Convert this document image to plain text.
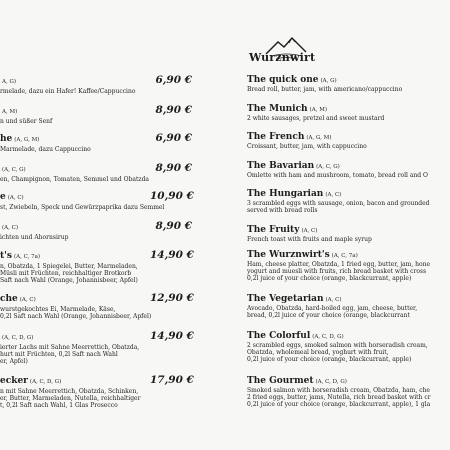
A, G)	6,90 €
rmelade, dazu ein Hafer! Kaffee/Cappuccino
A, M)	8,90 €
n und süßer Senf
he (A, G, M)	6,90 €
Marmelade, dazu Cappuccino
(A, C, G)	8,90 €
en, Champignon, Tomaten, Semmel und Obatzda
e (A, C)	10,90 €
st, Zwiebeln, Speck und Gewürzpaprika dazu Semmel
(A, C)	8,90 €
ichten und Ahornsirup
t's (A, C, 7a)	14,90 €
n, Obatzda, 1 Spiegelei, Butter, Marmeladen,
Müsli mit Früchten, reichhaltiger Brotkorb
Saft nach Wahl (Orange, Johannisbeer, Apfel)
che (A, C)	12,90 €
wurstgekochtes Ei, Marmelade, Käse,
0,2l Saft nach Wahl (Orange, Johannisbeer, Apfel)
(A, C, D, G)	14,90 €
ierter Lachs mit Sahne Meerrettich, Obatzda,
hurt mit Früchten, 0,2l Saft nach Wahl
er, Apfel)
ecker (A, C, D, G)	17,90 €
n mit Sahne Meerrettich, Obatzda, Schinken,
er, Butter, Marmeladen, Nutella, reichhaltiger
t, 0,2l Saft nach Wahl, 1 Glas Prosecco
Wurznwirt
The quick one (A, G)
Bread roll, butter, jam, with americano/cappuccino
The Munich (A, M)
2 white sausages, pretzel and sweet mustard
The French (A, G, M)
Croissant, butter, jam, with cappuccino
The Bavarian (A, C, G)
Omlette with ham and mushroom, tomato, bread roll and O
The Hungarian (A, C)
3 scrambled eggs with sausage, onion, bacon and grounded
served with bread rolls
The Fruity (A, C)
French toast with fruits and maple syrup
The Wurznwirt's (A, C, 7a)
Ham, cheese platter, Obatzda, 1 fried egg, butter, jam, hone
yogurt and muesli with fruits, rich bread basket with cross
0,2l juice of your choice (orange, blackcurrant, apple)
The Vegetarian (A, C)
Avocado, Obatzda, hard-boiled egg, jam, cheese, butter,
bread, 0,2l juice of your choice (orange, blackcurrant
The Colorful (A, C, D, G)
2 scrambled eggs, smoked salmon with horseradish cream,
Obatzda, wholemeal bread, yoghurt with fruit,
0,2l juice of your choice (orange, blackcurrant, apple)
The Gourmet (A, C, D, G)
Smoked salmon with horseradish cream, Obatzda, ham, che
2 fried eggs, butter, jams, Nutella, rich bread basket with cr
0,2l juice of your choice (orange, blackcurrant, apple), 1 gla
